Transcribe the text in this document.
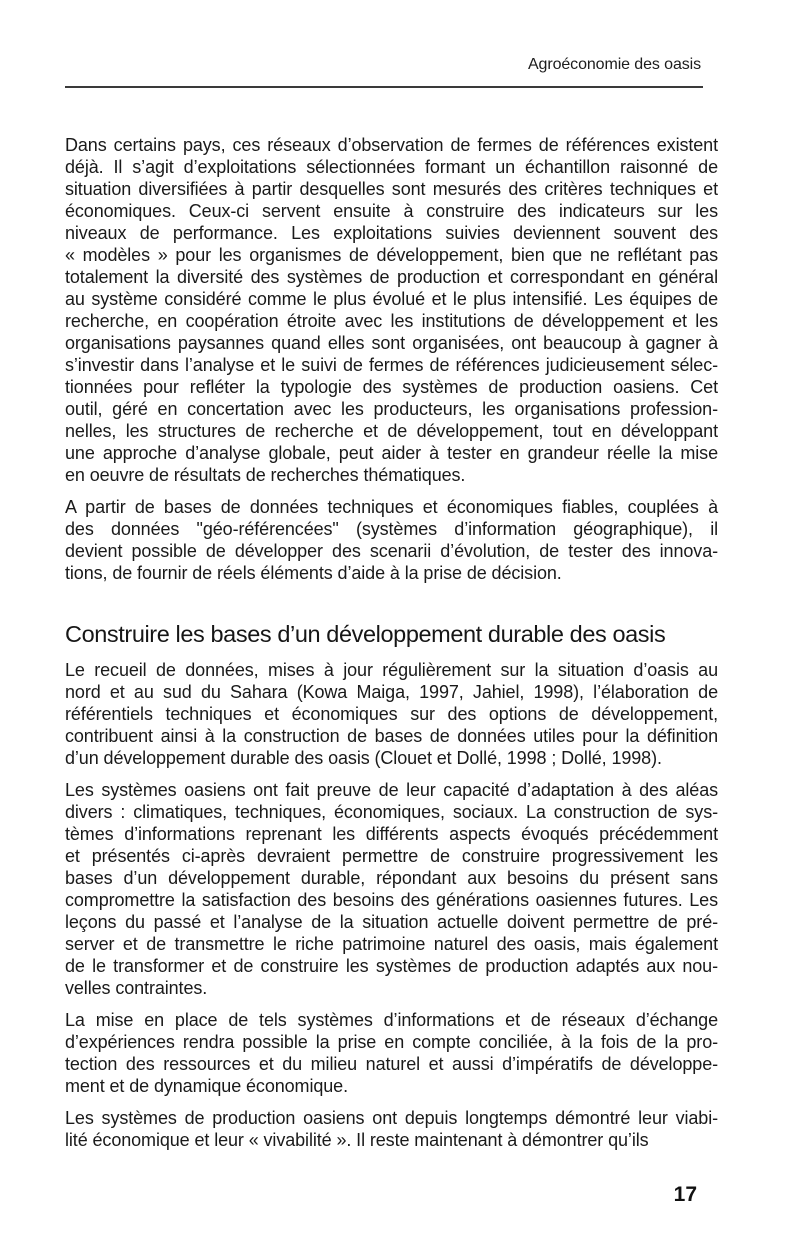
Agroéconomie des oasis

Dans certains pays, ces réseaux d’observation de fermes de références existent
déjà. Il s’agit d’exploitations sélectionnées formant un échantillon raisonné de
situation diversifiées à partir desquelles sont mesurés des critères techniques et
économiques. Ceux-ci servent ensuite à construire des indicateurs sur les
niveaux de performance. Les exploitations suivies deviennent souvent des
« modèles » pour les organismes de développement, bien que ne reflétant pas
totalement la diversité des systèmes de production et correspondant en général
au système considéré comme le plus évolué et le plus intensifié. Les équipes de
recherche, en coopération étroite avec les institutions de développement et les
organisations paysannes quand elles sont organisées, ont beaucoup à gagner à
s’investir dans l’analyse et le suivi de fermes de références judicieusement sélec-
tionnées pour refléter la typologie des systèmes de production oasiens. Cet
outil, géré en concertation avec les producteurs, les organisations profession-
nelles, les structures de recherche et de développement, tout en développant
une approche d’analyse globale, peut aider à tester en grandeur réelle la mise
en oeuvre de résultats de recherches thématiques.

A partir de bases de données techniques et économiques fiables, couplées à
des données "géo-référencées" (systèmes d’information géographique), il
devient possible de développer des scenarii d’évolution, de tester des innova-
tions, de fournir de réels éléments d’aide à la prise de décision.

Construire les bases d’un développement durable des oasis

Le recueil de données, mises à jour régulièrement sur la situation d’oasis au
nord et au sud du Sahara (Kowa Maiga, 1997, Jahiel, 1998), l’élaboration de
référentiels techniques et économiques sur des options de développement,
contribuent ainsi à la construction de bases de données utiles pour la définition
d’un développement durable des oasis (Clouet et Dollé, 1998 ; Dollé, 1998).

Les systèmes oasiens ont fait preuve de leur capacité d’adaptation à des aléas
divers : climatiques, techniques, économiques, sociaux. La construction de sys-
tèmes d’informations reprenant les différents aspects évoqués précédemment
et présentés ci-après devraient permettre de construire progressivement les
bases d’un développement durable, répondant aux besoins du présent sans
compromettre la satisfaction des besoins des générations oasiennes futures. Les
leçons du passé et l’analyse de la situation actuelle doivent permettre de pré-
server et de transmettre le riche patrimoine naturel des oasis, mais également
de le transformer et de construire les systèmes de production adaptés aux nou-
velles contraintes.

La mise en place de tels systèmes d’informations et de réseaux d’échange
d’expériences rendra possible la prise en compte conciliée, à la fois de la pro-
tection des ressources et du milieu naturel et aussi d’impératifs de développe-
ment et de dynamique économique.

Les systèmes de production oasiens ont depuis longtemps démontré leur viabi-
lité économique et leur « vivabilité ». Il reste maintenant à démontrer qu’ils

17
